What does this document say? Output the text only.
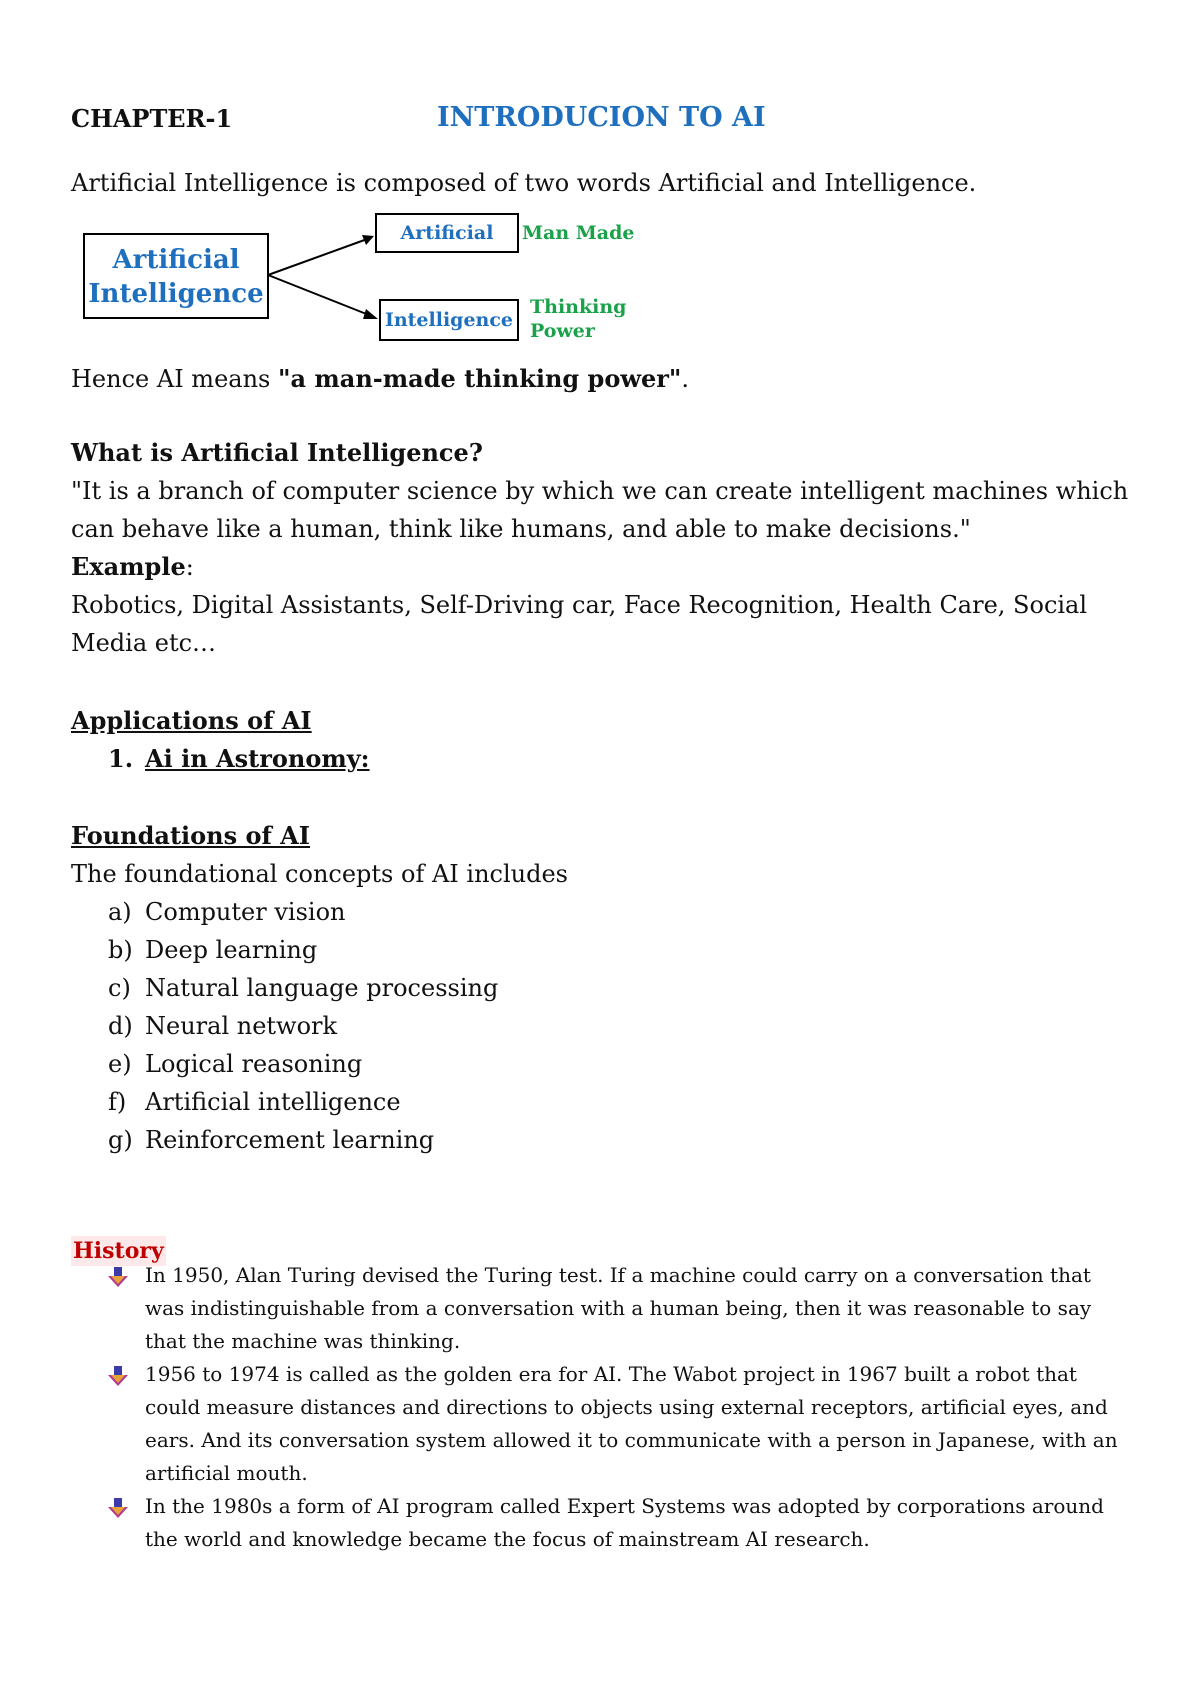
CHAPTER-1	INTRODUCION TO AI
Artificial Intelligence is composed of two words Artificial and Intelligence.
Artificial
Intelligence
Artificial
Intelligence
Man Made
Thinking
Power
Hence AI means "a man-made thinking power".
What is Artificial Intelligence?
"It is a branch of computer science by which we can create intelligent machines which
can behave like a human, think like humans, and able to make decisions."
Example:
Robotics, Digital Assistants, Self-Driving car, Face Recognition, Health Care, Social
Media etc…
Applications of AI
1. Ai in Astronomy:
Foundations of AI
The foundational concepts of AI includes
a) Computer vision
b) Deep learning
c) Natural language processing
d) Neural network
e) Logical reasoning
f) Artificial intelligence
g) Reinforcement learning
History
In 1950, Alan Turing devised the Turing test. If a machine could carry on a conversation that was indistinguishable from a conversation with a human being, then it was reasonable to say that the machine was thinking.
1956 to 1974 is called as the golden era for AI. The Wabot project in 1967 built a robot that could measure distances and directions to objects using external receptors, artificial eyes, and ears. And its conversation system allowed it to communicate with a person in Japanese, with an artificial mouth.
In the 1980s a form of AI program called Expert Systems was adopted by corporations around the world and knowledge became the focus of mainstream AI research.
